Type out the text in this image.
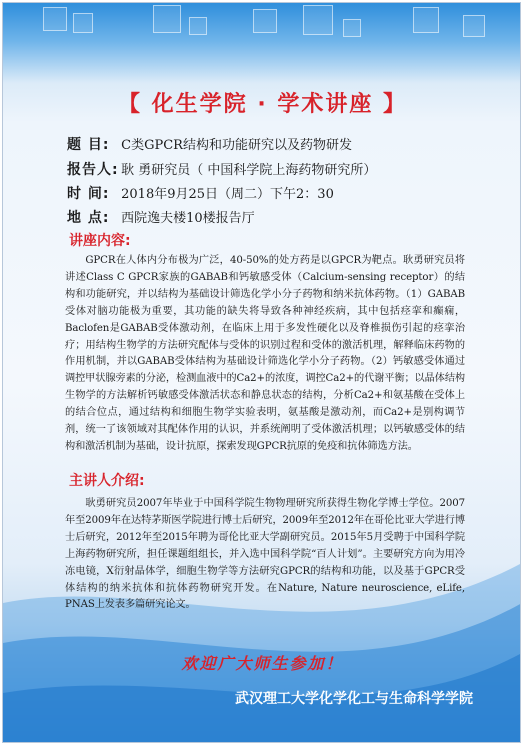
【 化生学院 · 学术讲座 】
题 目: C类GPCR结构和功能研究以及药物研发
报告人: 耿 勇研究员（ 中国科学院上海药物研究所）
时 间: 2018年9月25日（周二）下午2：30
地 点: 西院逸夫楼10楼报告厅
讲座内容:
GPCR在人体内分布极为广泛，40-50%的处方药是以GPCR为靶点。耿勇研究员将讲述Class C GPCR家族的GABAB和钙敏感受体（Calcium-sensing receptor）的结构和功能研究，并以结构为基础设计筛选化学小分子药物和纳米抗体药物。（1）GABAB受体对脑功能极为重要，其功能的缺失将导致各种神经疾病，其中包括痉挛和癫痫，Baclofen是GABAB受体激动剂，在临床上用于多发性硬化以及脊椎损伤引起的痉挛治疗；用结构生物学的方法研究配体与受体的识别过程和受体的激活机理，解释临床药物的作用机制，并以GABAB受体结构为基础设计筛选化学小分子药物。（2）钙敏感受体通过调控甲状腺旁素的分泌，检测血液中的Ca2+的浓度，调控Ca2+的代谢平衡；以晶体结构生物学的方法解析钙敏感受体激活状态和静息状态的结构，分析Ca2+和氨基酸在受体上的结合位点，通过结构和细胞生物学实验表明，氨基酸是激动剂，而Ca2+是别构调节剂，统一了该领域对其配体作用的认识，并系统阐明了受体激活机理；以钙敏感受体的结构和激活机制为基础，设计抗原，探索发现GPCR抗原的免疫和抗体筛选方法。
主讲人介绍:
耿勇研究员2007年毕业于中国科学院生物物理研究所获得生物化学博士学位。2007年至2009年在达特茅斯医学院进行博士后研究，2009年至2012年在哥伦比亚大学进行博士后研究，2012年至2015年聘为哥伦比亚大学副研究员。2015年5月受聘于中国科学院上海药物研究所，担任课题组组长，并入选中国科学院“百人计划”。主要研究方向为用冷冻电镜，X衍射晶体学，细胞生物学等方法研究GPCR的结构和功能，以及基于GPCR受体结构的纳米抗体和抗体药物研究开发。在Nature, Nature neuroscience, eLife, PNAS上发表多篇研究论文。
欢迎广大师生参加！
武汉理工大学化学化工与生命科学学院
